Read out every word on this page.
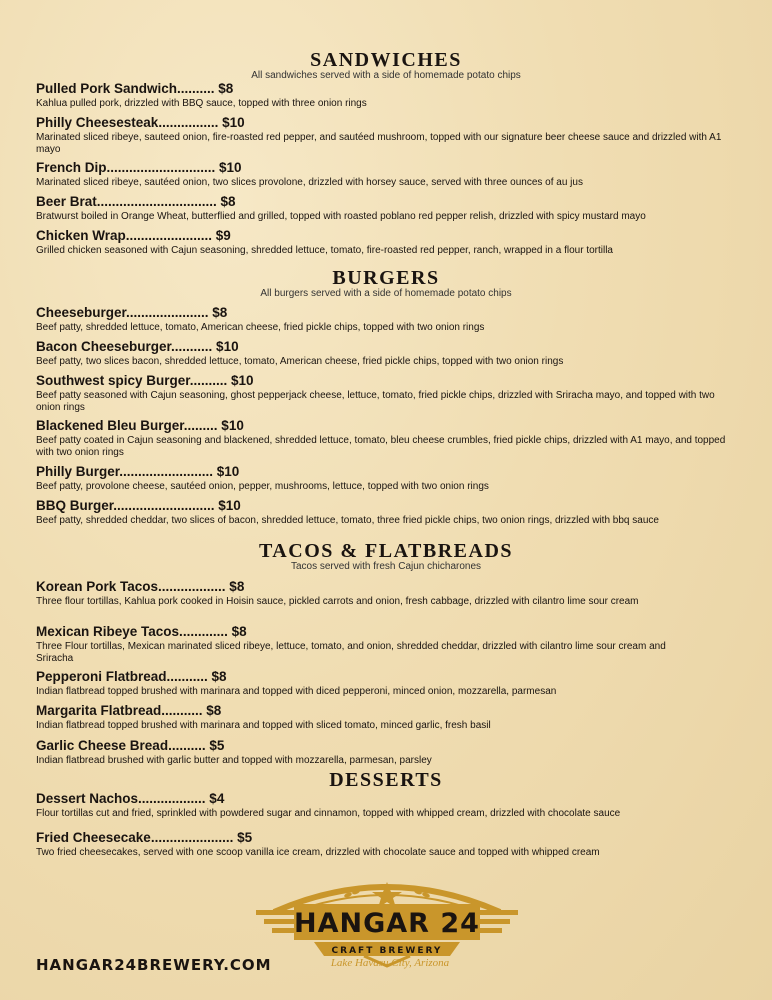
SANDWICHES
All sandwiches served with a side of homemade potato chips
Pulled Pork Sandwich.......... $8
Kahlua pulled pork, drizzled with BBQ sauce, topped with three onion rings
Philly Cheesesteak................ $10
Marinated sliced ribeye, sauteed onion, fire-roasted red pepper, and sautéed mushroom, topped with our signature beer cheese sauce and drizzled with A1 mayo
French Dip............................. $10
Marinated sliced ribeye, sautéed onion, two slices provolone, drizzled with horsey sauce, served with three ounces of au jus
Beer Brat................................ $8
Bratwurst boiled in Orange Wheat, butterflied and grilled, topped with roasted poblano red pepper relish, drizzled with spicy mustard mayo
Chicken Wrap....................... $9
Grilled chicken seasoned with Cajun seasoning, shredded lettuce, tomato, fire-roasted red pepper, ranch, wrapped in a flour tortilla
BURGERS
All burgers served with a side of homemade potato chips
Cheeseburger...................... $8
Beef patty, shredded lettuce, tomato, American cheese, fried pickle chips, topped with two onion rings
Bacon Cheeseburger........... $10
Beef patty, two slices bacon, shredded lettuce, tomato, American cheese, fried pickle chips, topped with two onion rings
Southwest spicy Burger.......... $10
Beef patty seasoned with Cajun seasoning, ghost pepperjack cheese, lettuce, tomato, fried pickle chips, drizzled with Sriracha mayo, and topped with two onion rings
Blackened Bleu Burger......... $10
Beef patty coated in Cajun seasoning and blackened, shredded lettuce, tomato, bleu cheese crumbles, fried pickle chips, drizzled with A1 mayo, and topped with two onion rings
Philly Burger......................... $10
Beef patty, provolone cheese, sautéed onion, pepper, mushrooms, lettuce, topped with two onion rings
BBQ Burger........................... $10
Beef patty, shredded cheddar, two slices of bacon, shredded lettuce, tomato, three fried pickle chips, two onion rings, drizzled with bbq sauce
TACOS & FLATBREADS
Tacos served with fresh Cajun chicharones
Korean Pork Tacos.................. $8
Three flour tortillas, Kahlua pork cooked in Hoisin sauce, pickled carrots and onion, fresh cabbage, drizzled with cilantro lime sour cream
Mexican Ribeye Tacos............. $8
Three Flour tortillas, Mexican marinated sliced ribeye, lettuce, tomato, and onion, shredded cheddar, drizzled with cilantro lime sour cream and Sriracha
Pepperoni Flatbread........... $8
Indian flatbread topped brushed with marinara and topped with diced pepperoni, minced onion, mozzarella, parmesan
Margarita Flatbread........... $8
Indian flatbread topped brushed with marinara and topped with sliced tomato, minced garlic, fresh basil
Garlic Cheese Bread.......... $5
Indian flatbread brushed with garlic butter and topped with mozzarella, parmesan, parsley
DESSERTS
Dessert Nachos.................. $4
Flour tortillas cut and fried, sprinkled with powdered sugar and cinnamon, topped with whipped cream, drizzled with chocolate sauce
Fried Cheesecake...................... $5
Two fried cheesecakes, served with one scoop vanilla ice cream, drizzled with chocolate sauce and topped with whipped cream
HANGAR24BREWERY.COM
HANGAR 24
CRAFT BREWERY
Lake Havasu City, Arizona
